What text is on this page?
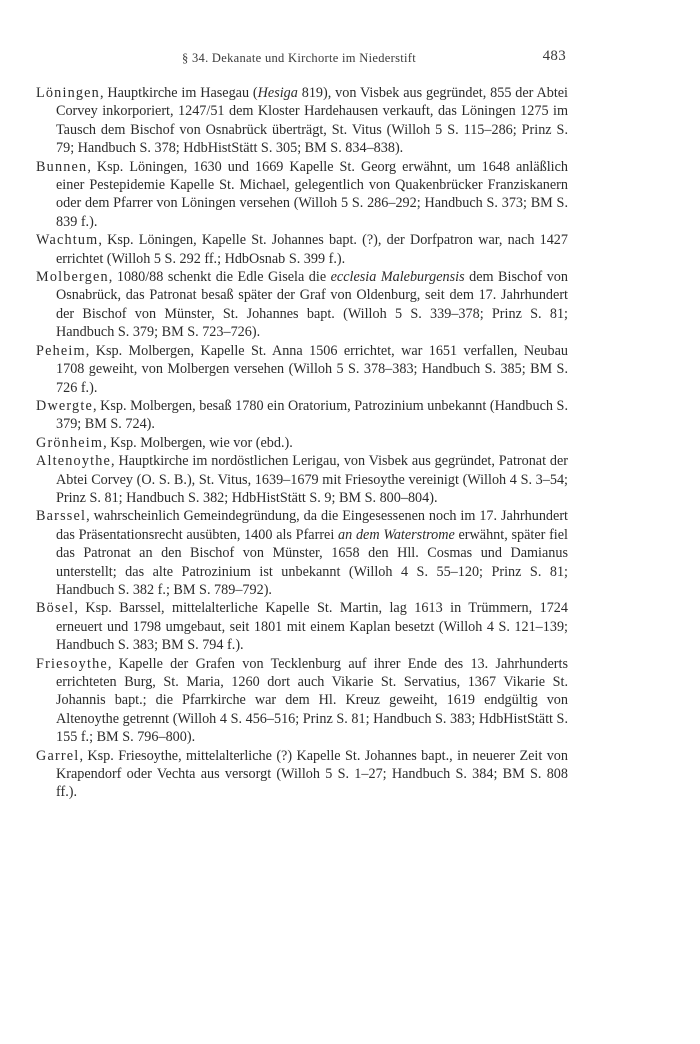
§ 34. Dekanate und Kirchorte im Niederstift	483

Löningen, Hauptkirche im Hasegau (Hesiga 819), von Visbek aus gegründet, 855 der Abtei Corvey inkorporiert, 1247/51 dem Kloster Hardehausen verkauft, das Löningen 1275 im Tausch dem Bischof von Osnabrück überträgt, St. Vitus (Willoh 5 S. 115–286; Prinz S. 79; Handbuch S. 378; HdbHistStätt S. 305; BM S. 834–838).

Bunnen, Ksp. Löningen, 1630 und 1669 Kapelle St. Georg erwähnt, um 1648 anläßlich einer Pestepidemie Kapelle St. Michael, gelegentlich von Quakenbrücker Franziskanern oder dem Pfarrer von Löningen versehen (Willoh 5 S. 286–292; Handbuch S. 373; BM S. 839 f.).

Wachtum, Ksp. Löningen, Kapelle St. Johannes bapt. (?), der Dorfpatron war, nach 1427 errichtet (Willoh 5 S. 292 ff.; HdbOsnab S. 399 f.).

Molbergen, 1080/88 schenkt die Edle Gisela die ecclesia Maleburgensis dem Bischof von Osnabrück, das Patronat besaß später der Graf von Oldenburg, seit dem 17. Jahrhundert der Bischof von Münster, St. Johannes bapt. (Willoh 5 S. 339–378; Prinz S. 81; Handbuch S. 379; BM S. 723–726).

Peheim, Ksp. Molbergen, Kapelle St. Anna 1506 errichtet, war 1651 verfallen, Neubau 1708 geweiht, von Molbergen versehen (Willoh 5 S. 378–383; Handbuch S. 385; BM S. 726 f.).

Dwergte, Ksp. Molbergen, besaß 1780 ein Oratorium, Patrozinium unbekannt (Handbuch S. 379; BM S. 724).

Grönheim, Ksp. Molbergen, wie vor (ebd.).

Altenoythe, Hauptkirche im nordöstlichen Lerigau, von Visbek aus gegründet, Patronat der Abtei Corvey (O. S. B.), St. Vitus, 1639–1679 mit Friesoythe vereinigt (Willoh 4 S. 3–54; Prinz S. 81; Handbuch S. 382; HdbHistStätt S. 9; BM S. 800–804).

Barssel, wahrscheinlich Gemeindegründung, da die Eingesessenen noch im 17. Jahrhundert das Präsentationsrecht ausübten, 1400 als Pfarrei an dem Waterstrome erwähnt, später fiel das Patronat an den Bischof von Münster, 1658 den Hll. Cosmas und Damianus unterstellt; das alte Patrozinium ist unbekannt (Willoh 4 S. 55–120; Prinz S. 81; Handbuch S. 382 f.; BM S. 789–792).

Bösel, Ksp. Barssel, mittelalterliche Kapelle St. Martin, lag 1613 in Trümmern, 1724 erneuert und 1798 umgebaut, seit 1801 mit einem Kaplan besetzt (Willoh 4 S. 121–139; Handbuch S. 383; BM S. 794 f.).

Friesoythe, Kapelle der Grafen von Tecklenburg auf ihrer Ende des 13. Jahrhunderts errichteten Burg, St. Maria, 1260 dort auch Vikarie St. Servatius, 1367 Vikarie St. Johannis bapt.; die Pfarrkirche war dem Hl. Kreuz geweiht, 1619 endgültig von Altenoythe getrennt (Willoh 4 S. 456–516; Prinz S. 81; Handbuch S. 383; HdbHistStätt S. 155 f.; BM S. 796–800).

Garrel, Ksp. Friesoythe, mittelalterliche (?) Kapelle St. Johannes bapt., in neuerer Zeit von Krapendorf oder Vechta aus versorgt (Willoh 5 S. 1–27; Handbuch S. 384; BM S. 808 ff.).
